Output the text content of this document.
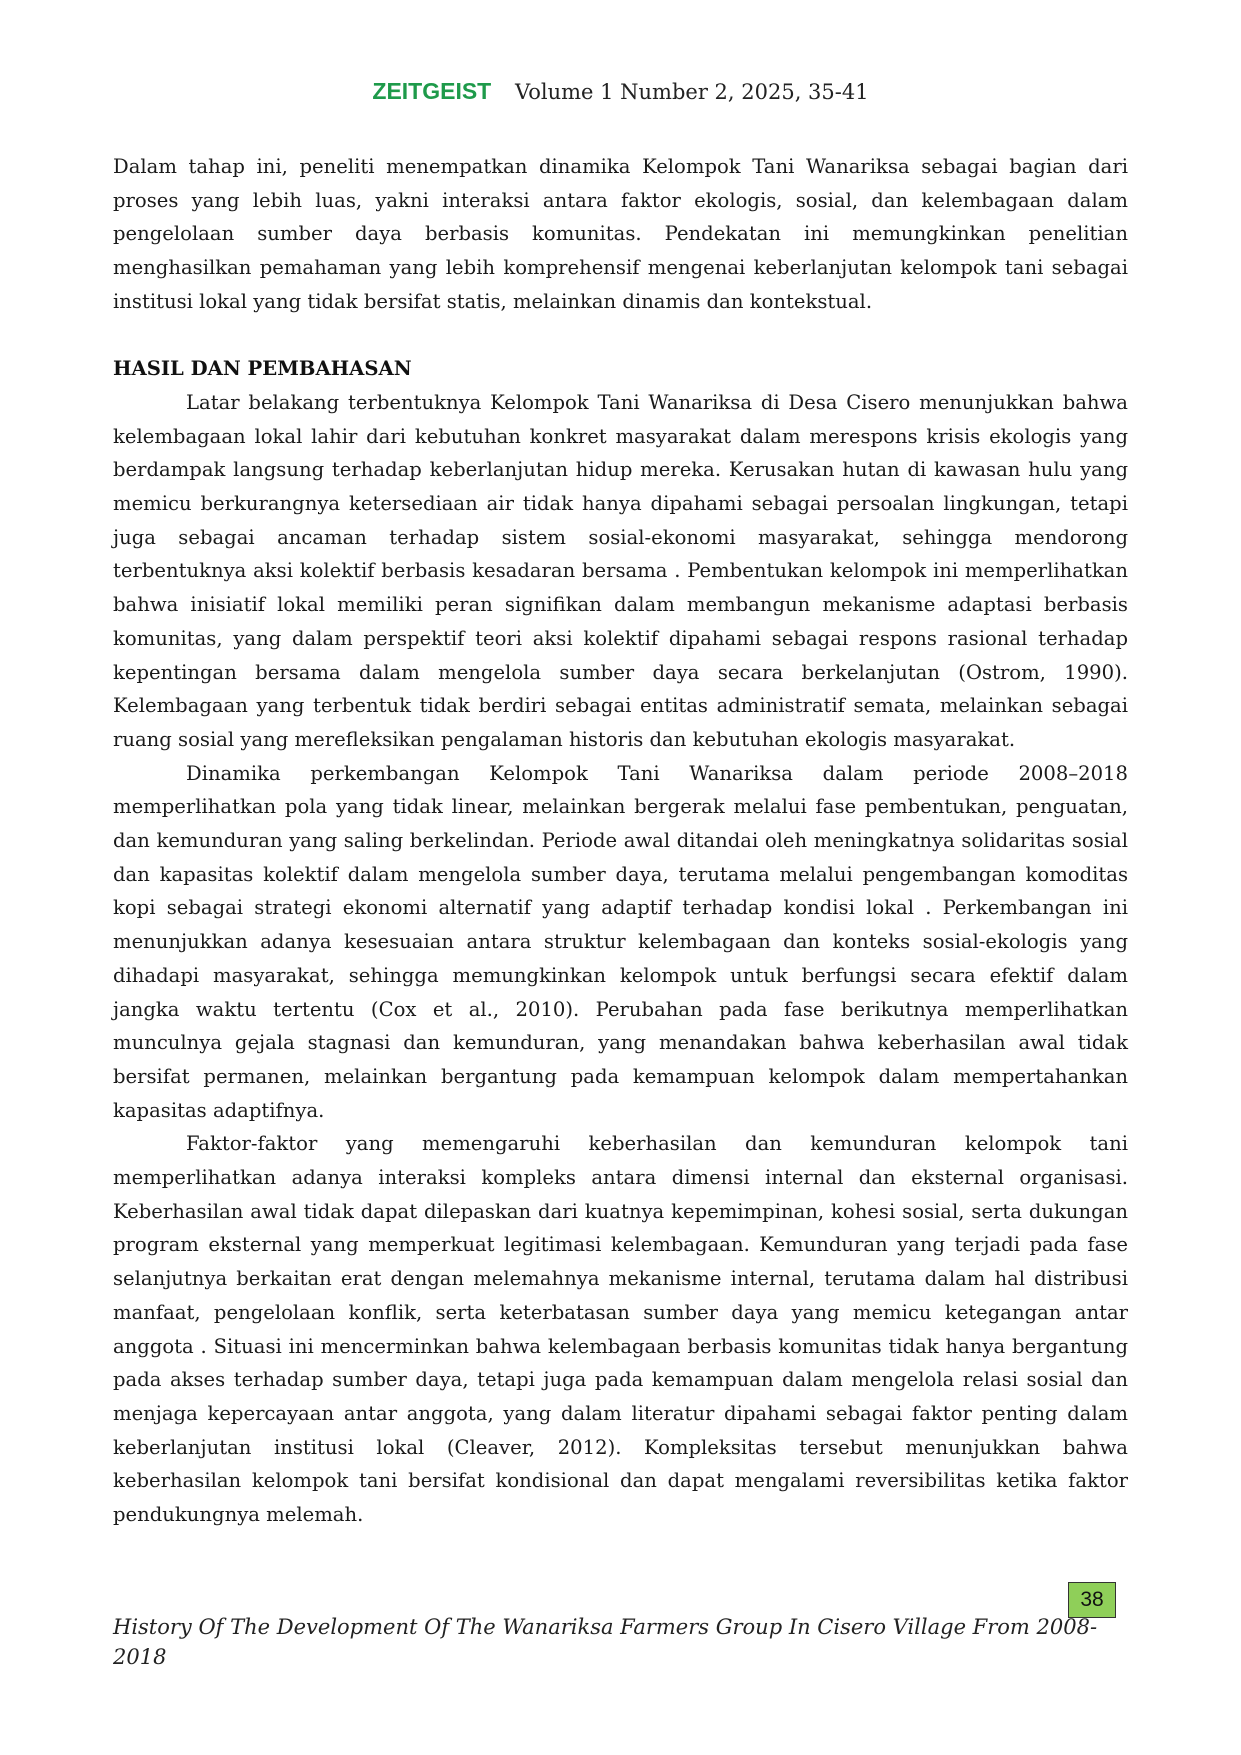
ZEITGEIST Volume 1 Number 2, 2025, 35-41

Dalam tahap ini, peneliti menempatkan dinamika Kelompok Tani Wanariksa sebagai bagian dari proses yang lebih luas, yakni interaksi antara faktor ekologis, sosial, dan kelembagaan dalam pengelolaan sumber daya berbasis komunitas. Pendekatan ini memungkinkan penelitian menghasilkan pemahaman yang lebih komprehensif mengenai keberlanjutan kelompok tani sebagai institusi lokal yang tidak bersifat statis, melainkan dinamis dan kontekstual.

HASIL DAN PEMBAHASAN

Latar belakang terbentuknya Kelompok Tani Wanariksa di Desa Cisero menunjukkan bahwa kelembagaan lokal lahir dari kebutuhan konkret masyarakat dalam merespons krisis ekologis yang berdampak langsung terhadap keberlanjutan hidup mereka. Kerusakan hutan di kawasan hulu yang memicu berkurangnya ketersediaan air tidak hanya dipahami sebagai persoalan lingkungan, tetapi juga sebagai ancaman terhadap sistem sosial-ekonomi masyarakat, sehingga mendorong terbentuknya aksi kolektif berbasis kesadaran bersama . Pembentukan kelompok ini memperlihatkan bahwa inisiatif lokal memiliki peran signifikan dalam membangun mekanisme adaptasi berbasis komunitas, yang dalam perspektif teori aksi kolektif dipahami sebagai respons rasional terhadap kepentingan bersama dalam mengelola sumber daya secara berkelanjutan (Ostrom, 1990). Kelembagaan yang terbentuk tidak berdiri sebagai entitas administratif semata, melainkan sebagai ruang sosial yang merefleksikan pengalaman historis dan kebutuhan ekologis masyarakat.

Dinamika perkembangan Kelompok Tani Wanariksa dalam periode 2008–2018 memperlihatkan pola yang tidak linear, melainkan bergerak melalui fase pembentukan, penguatan, dan kemunduran yang saling berkelindan. Periode awal ditandai oleh meningkatnya solidaritas sosial dan kapasitas kolektif dalam mengelola sumber daya, terutama melalui pengembangan komoditas kopi sebagai strategi ekonomi alternatif yang adaptif terhadap kondisi lokal . Perkembangan ini menunjukkan adanya kesesuaian antara struktur kelembagaan dan konteks sosial-ekologis yang dihadapi masyarakat, sehingga memungkinkan kelompok untuk berfungsi secara efektif dalam jangka waktu tertentu (Cox et al., 2010). Perubahan pada fase berikutnya memperlihatkan munculnya gejala stagnasi dan kemunduran, yang menandakan bahwa keberhasilan awal tidak bersifat permanen, melainkan bergantung pada kemampuan kelompok dalam mempertahankan kapasitas adaptifnya.

Faktor-faktor yang memengaruhi keberhasilan dan kemunduran kelompok tani memperlihatkan adanya interaksi kompleks antara dimensi internal dan eksternal organisasi. Keberhasilan awal tidak dapat dilepaskan dari kuatnya kepemimpinan, kohesi sosial, serta dukungan program eksternal yang memperkuat legitimasi kelembagaan. Kemunduran yang terjadi pada fase selanjutnya berkaitan erat dengan melemahnya mekanisme internal, terutama dalam hal distribusi manfaat, pengelolaan konflik, serta keterbatasan sumber daya yang memicu ketegangan antar anggota . Situasi ini mencerminkan bahwa kelembagaan berbasis komunitas tidak hanya bergantung pada akses terhadap sumber daya, tetapi juga pada kemampuan dalam mengelola relasi sosial dan menjaga kepercayaan antar anggota, yang dalam literatur dipahami sebagai faktor penting dalam keberlanjutan institusi lokal (Cleaver, 2012). Kompleksitas tersebut menunjukkan bahwa keberhasilan kelompok tani bersifat kondisional dan dapat mengalami reversibilitas ketika faktor pendukungnya melemah.

38
History Of The Development Of The Wanariksa Farmers Group In Cisero Village From 2008-2018
